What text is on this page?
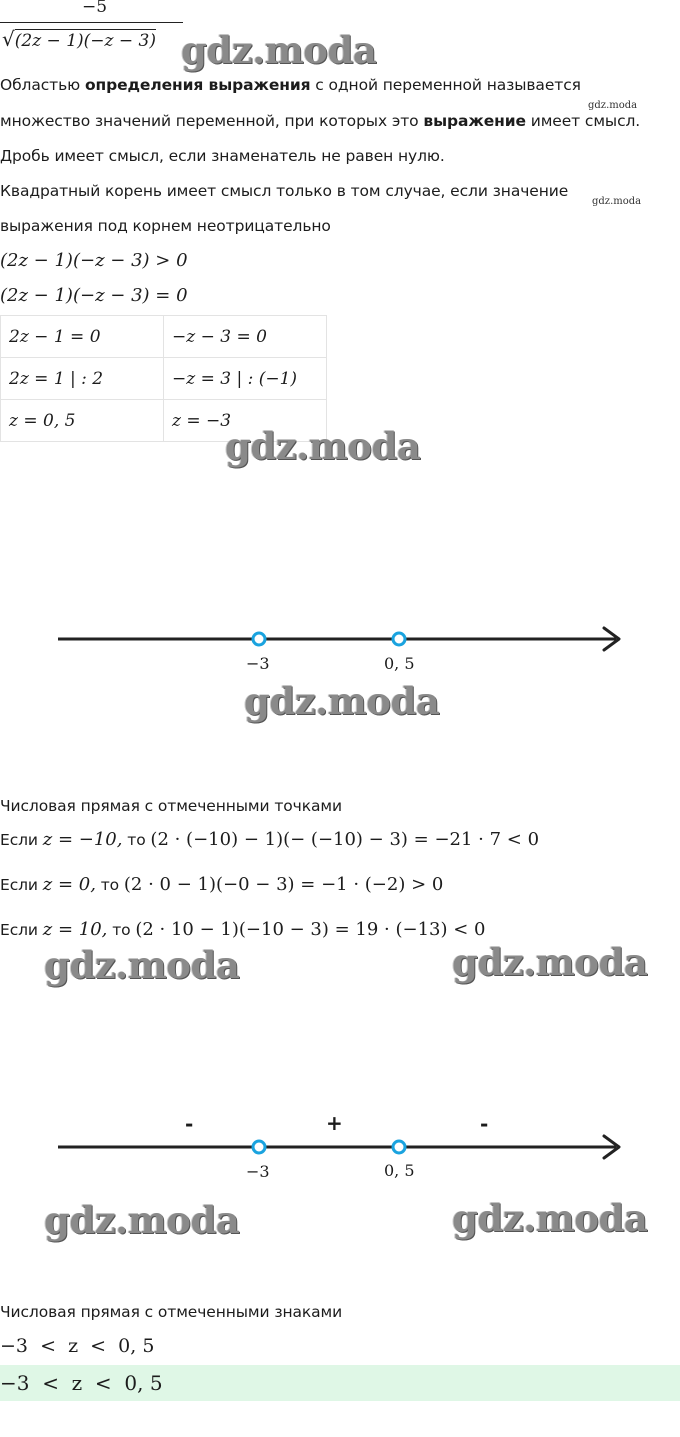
−5
√(2z − 1)(−z − 3) gdz.moda
Областью определения выражения с одной переменной называется
gdz.moda
множество значений переменной, при которых это выражение имеет смысл.
Дробь имеет смысл, если знаменатель не равен нулю.
Квадратный корень имеет смысл только в том случае, если значение
gdz.moda
выражения под корнем неотрицательно
(2z − 1)(−z − 3) > 0
(2z − 1)(−z − 3) = 0
2z − 1 = 0	−z − 3 = 0
2z = 1 | : 2	−z = 3 | : (−1)
z = 0, 5	z = −3
gdz.moda
−3	0, 5
gdz.moda
Числовая прямая с отмеченными точками
Если z = −10, то (2 · (−10) − 1)(− (−10) − 3) = −21 · 7 < 0
Если z = 0, то (2 · 0 − 1)(−0 − 3) = −1 · (−2) > 0
Если z = 10, то (2 · 10 − 1)(−10 − 3) = 19 · (−13) < 0
gdz.moda	gdz.moda
-	+	-
−3	0, 5
gdz.moda	gdz.moda
Числовая прямая с отмеченными знаками
−3  <  z  <  0, 5
−3  <  z  <  0, 5
